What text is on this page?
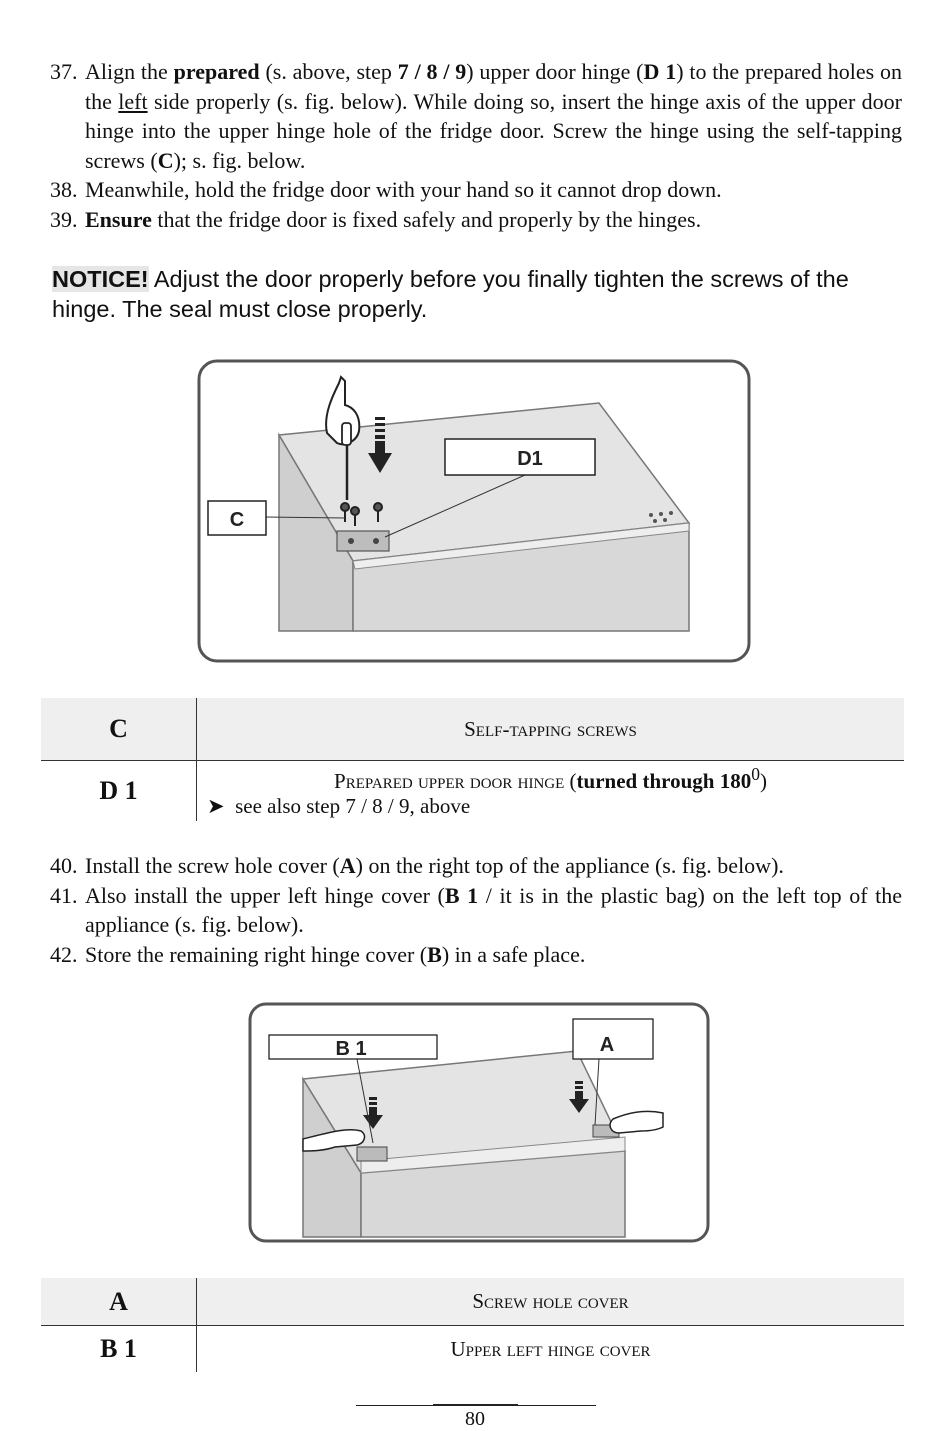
37. Align the prepared (s. above, step 7 / 8 / 9) upper door hinge (D 1) to the prepared holes on the left side properly (s. fig. below). While doing so, insert the hinge axis of the upper door hinge into the upper hinge hole of the fridge door. Screw the hinge using the self-tapping screws (C); s. fig. below.
38. Meanwhile, hold the fridge door with your hand so it cannot drop down.
39. Ensure that the fridge door is fixed safely and properly by the hinges.
NOTICE! Adjust the door properly before you finally tighten the screws of the hinge. The seal must close properly.
C
D1
C	Self-tapping screws
D 1	Prepared upper door hinge (turned through $180^0$)
➤ see also step 7 / 8 / 9, above
40. Install the screw hole cover (A) on the right top of the appliance (s. fig. below).
41. Also install the upper left hinge cover (B 1 / it is in the plastic bag) on the left top of the appliance (s. fig. below).
42. Store the remaining right hinge cover (B) in a safe place.
B 1	A
A	Screw hole cover
B 1	Upper left hinge cover
80
